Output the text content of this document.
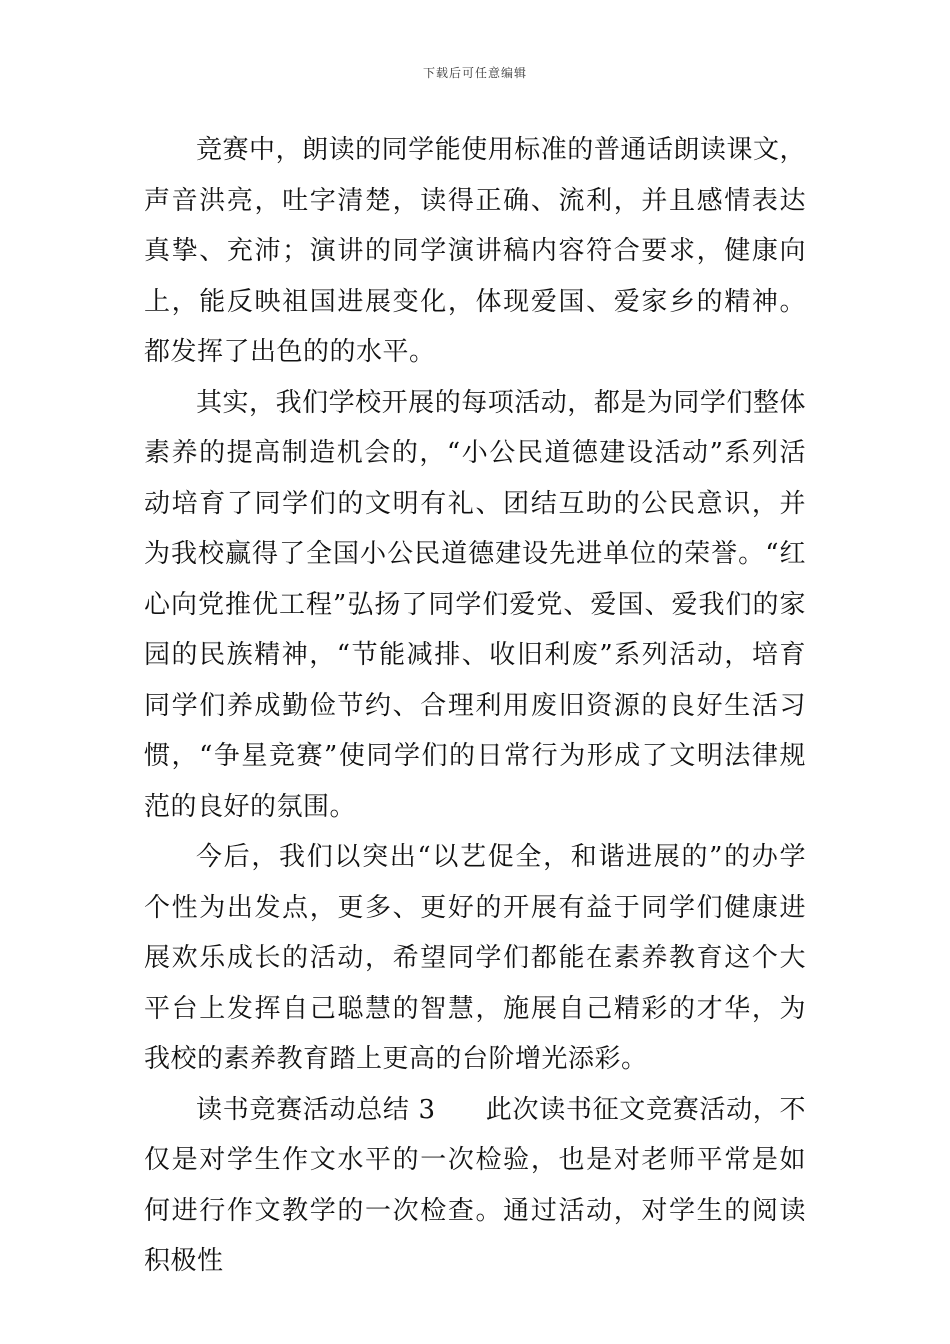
下载后可任意编辑

竞赛中，朗读的同学能使用标准的普通话朗读课文，声音洪亮，吐字清楚，读得正确、流利，并且感情表达真挚、充沛；演讲的同学演讲稿内容符合要求，健康向上，能反映祖国进展变化，体现爱国、爱家乡的精神。都发挥了出色的的水平。

其实，我们学校开展的每项活动，都是为同学们整体素养的提高制造机会的，“小公民道德建设活动”系列活动培育了同学们的文明有礼、团结互助的公民意识，并为我校赢得了全国小公民道德建设先进单位的荣誉。“红心向党推优工程”弘扬了同学们爱党、爱国、爱我们的家园的民族精神，“节能减排、收旧利废”系列活动，培育同学们养成勤俭节约、合理利用废旧资源的良好生活习惯，“争星竞赛”使同学们的日常行为形成了文明法律规范的良好的氛围。

今后，我们以突出“以艺促全，和谐进展的”的办学个性为出发点，更多、更好的开展有益于同学们健康进展欢乐成长的活动，希望同学们都能在素养教育这个大平台上发挥自己聪慧的智慧，施展自己精彩的才华，为我校的素养教育踏上更高的台阶增光添彩。

读书竞赛活动总结 3 此次读书征文竞赛活动，不仅是对学生作文水平的一次检验，也是对老师平常是如何进行作文教学的一次检查。通过活动，对学生的阅读积极性
